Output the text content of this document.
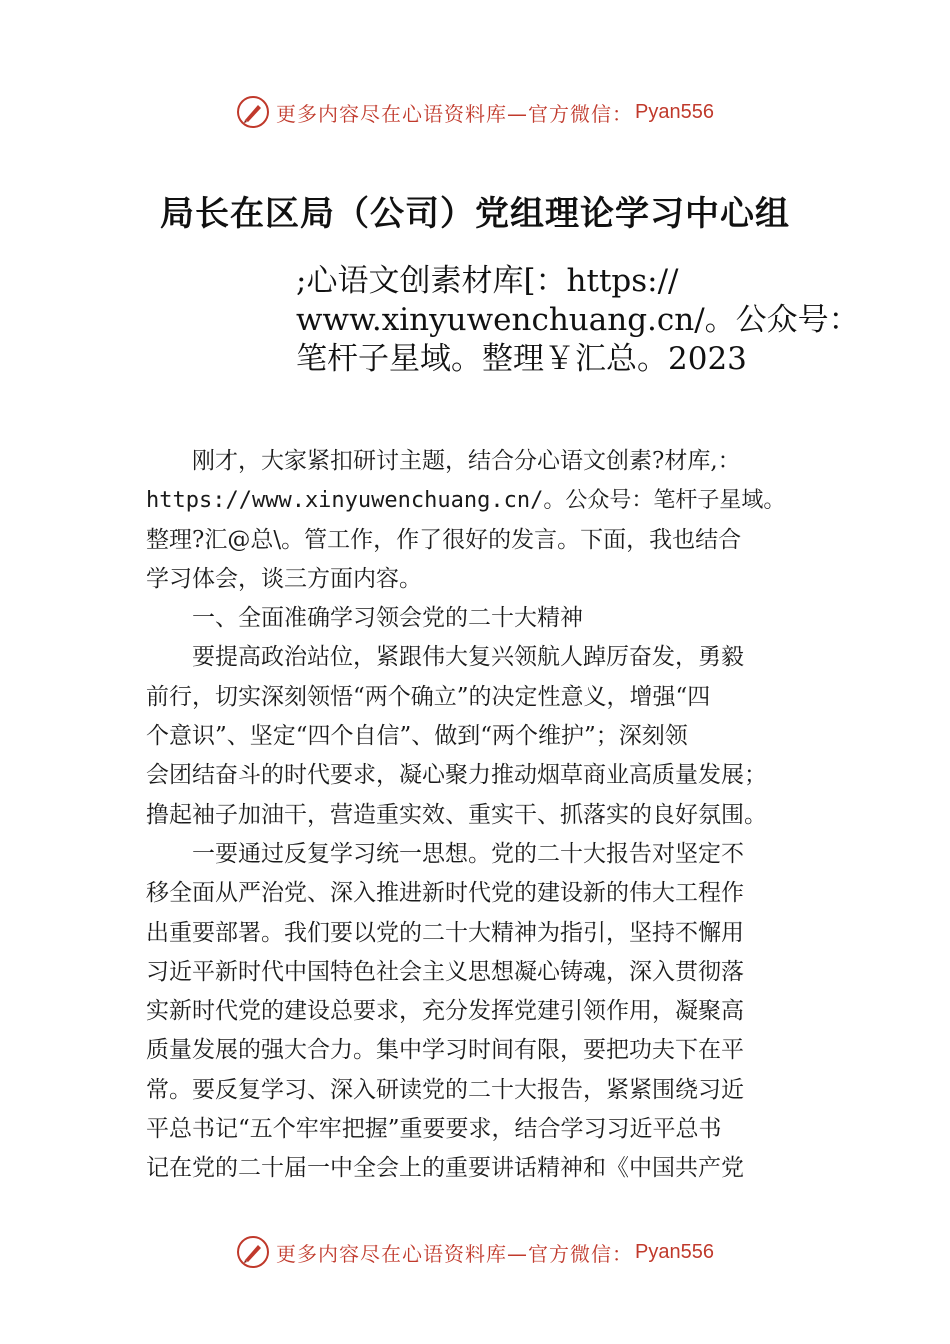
更多内容尽在心语资料库—官方微信： Pyan556
局长在区局（公司）党组理论学习中心组
;心语文创素材库[：https://
www.xinyuwenchuang.cn/。公众号：
笔杆子星域。整理￥汇总。2023
　　刚才，大家紧扣研讨主题，结合分心语文创素?材库,：
https://www.xinyuwenchuang.cn/。公众号：笔杆子星域。
整理?汇@总\。管工作，作了很好的发言。下面，我也结合
学习体会，谈三方面内容。
　　一、全面准确学习领会党的二十大精神
　　要提高政治站位，紧跟伟大复兴领航人踔厉奋发，勇毅
前行，切实深刻领悟“两个确立”的决定性意义，增强“四
个意识”、坚定“四个自信”、做到“两个维护”；深刻领
会团结奋斗的时代要求，凝心聚力推动烟草商业高质量发展；
撸起袖子加油干，营造重实效、重实干、抓落实的良好氛围。
　　一要通过反复学习统一思想。党的二十大报告对坚定不
移全面从严治党、深入推进新时代党的建设新的伟大工程作
出重要部署。我们要以党的二十大精神为指引，坚持不懈用
习近平新时代中国特色社会主义思想凝心铸魂，深入贯彻落
实新时代党的建设总要求，充分发挥党建引领作用，凝聚高
质量发展的强大合力。集中学习时间有限，要把功夫下在平
常。要反复学习、深入研读党的二十大报告，紧紧围绕习近
平总书记“五个牢牢把握”重要要求，结合学习习近平总书
记在党的二十届一中全会上的重要讲话精神和《中国共产党
更多内容尽在心语资料库—官方微信： Pyan556
